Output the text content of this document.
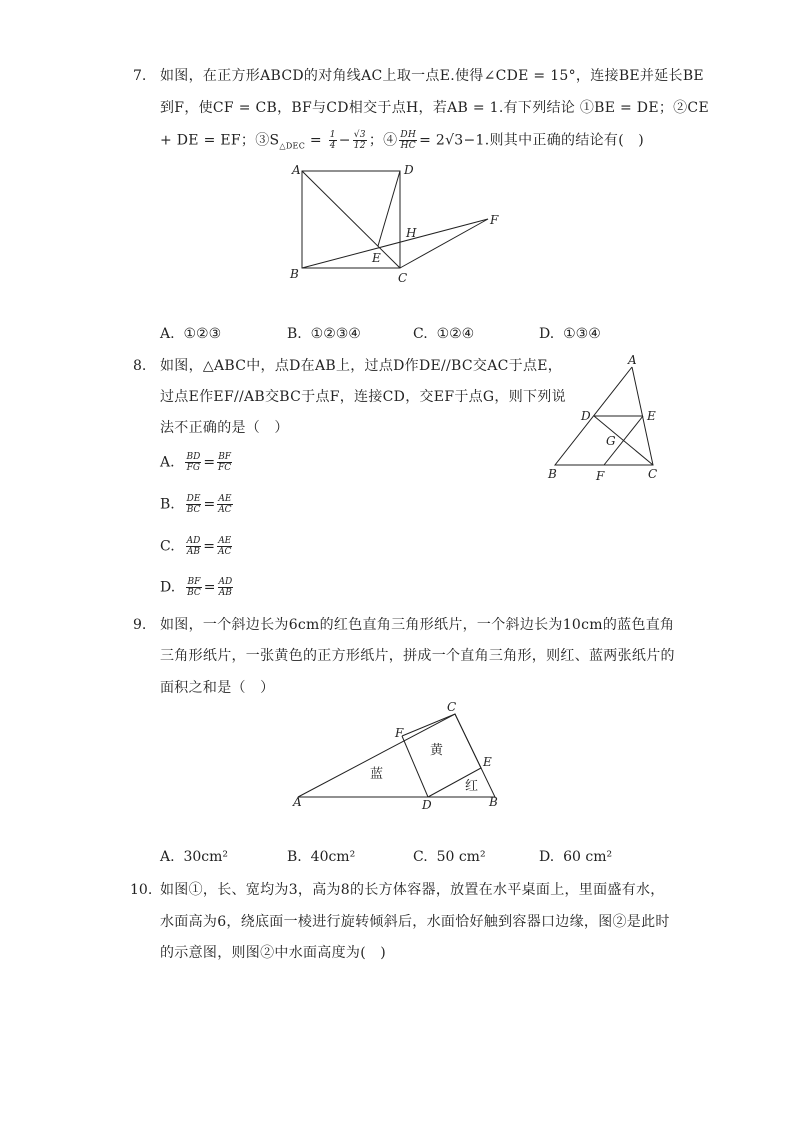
7. 如图，在正方形ABCD的对角线AC上取一点E.使得∠CDE = 15°，连接BE并延长BE
到F，使CF = CB，BF与CD相交于点H，若AB = 1.有下列结论 ①BE = DE；②CE
+ DE = EF；$③S_{\triangle DEC} = \frac{1}{4} - \frac{√3}{12}$ ；④ $\frac{DH}{HC} = 2√3-1$.则其中正确的结论有(　)
A	D
B	C
E
H
F
A. ①②③	B. ①②③④	C. ①②④	D. ①③④
8. 如图，△ABC中，点D在AB上，过点D作DE//BC交AC于点E，
过点E作EF//AB交BC于点F，连接CD，交EF于点G，则下列说
法不正确的是（　）
A
D	E
G
B	F	C
A. $\frac{BD}{FG} = \frac{BF}{FC}$
B. $\frac{DE}{BC} = \frac{AE}{AC}$
C. $\frac{AD}{AB} = \frac{AE}{AC}$
D. $\frac{BF}{BC} = \frac{AD}{AB}$
9. 如图，一个斜边长为6cm的红色直角三角形纸片，一个斜边长为10cm的蓝色直角
三角形纸片，一张黄色的正方形纸片，拼成一个直角三角形，则红、蓝两张纸片的
面积之和是（　）
A	D	B
C
F
E
蓝
黄
红
A. 30cm²	B. 40cm²	C. 50 cm²	D. 60 cm²
10. 如图①，长、宽均为3，高为8的长方体容器，放置在水平桌面上，里面盛有水，
水面高为6，绕底面一棱进行旋转倾斜后，水面恰好触到容器口边缘，图②是此时
的示意图，则图②中水面高度为(　)
